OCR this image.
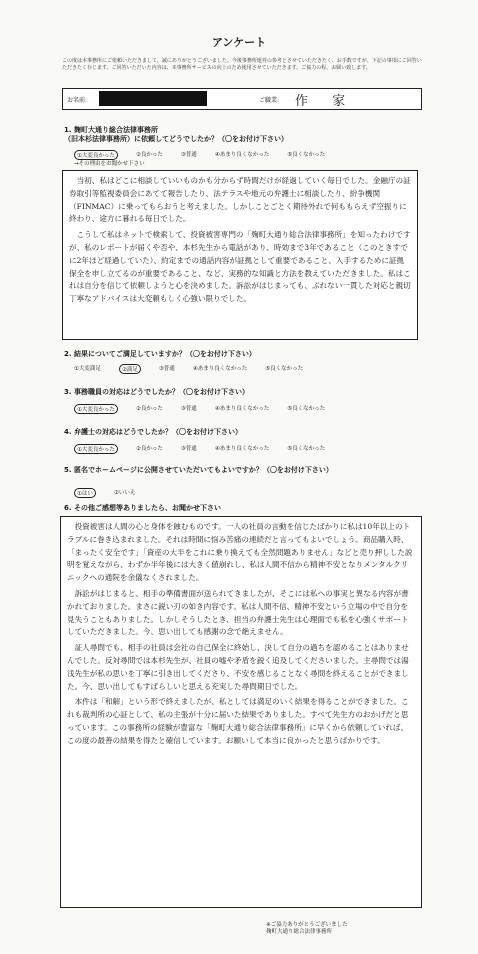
アンケート
この度は本事務所にご依頼いただきまして、誠にありがとうございました。今後事務所運営の参考とさせていただきたく、お手数ですが、下記の事項にご回答いただきたく存じます。ご回答いただいた内容は、本事務所サービスの向上のため使用させていただきます。ご協力の程、お願い致します。
お名前:	ご職業: 作 家
1. 麹町大通り総合法律事務所
（旧本杉法律事務所）に依頼してどうでしたか？（〇をお付け下さい）
①大変良かった	②良かった	③普通	④あまり良くなかった	⑤良くなかった
→その理由をお聞かせ下さい

当初、私はどこに相談していいものかも分からず時間だけが経過していく毎日でした。金融庁の証券取引等監視委員会にあてて報告したり、法テラスや地元の弁護士に相談したり、紛争機関（FINMAC）に乗ってもらおうと考えました。しかしことごとく期待外れで何ももらえず空振りに終わり、途方に暮れる毎日でした。

こうして私はネットで検索して、投資被害専門の「麹町大通り総合法律事務所」を知ったわけですが、私のレポートが届くや否や、本杉先生から電話があり、時効まで3年であること（このときすでに2年ほど経過していた）、約定までの通話内容が証拠として重要であること、入手するために証拠保全を申し立てるのが重要であること、など、実務的な知識と方法を教えていただきました。私はこれは自分を信じて依頼しようと心を決めました。訴訟がはじまっても、ぶれない一貫した対応と親切丁寧なアドバイスは大変頼もしく心強い限りでした。

2. 結果についてご満足していますか？（〇をお付け下さい）
①大変満足	②満足	③普通	④あまり良くなかった	⑤良くなかった
3. 事務職員の対応はどうでしたか？（〇をお付け下さい）
①大変良かった	②良かった	③普通	④あまり良くなかった	⑤良くなかった
4. 弁護士の対応はどうでしたか？（〇をお付け下さい）
①大変良かった	②良かった	③普通	④あまり良くなかった	⑤良くなかった
5. 匿名でホームページに公開させていただいてもよいですか？（〇をお付け下さい）
①はい	②いいえ
6. その他ご感想等ありましたら、お聞かせ下さい

投資被害は人間の心と身体を蝕むものです。一人の社員の言動を信じたばかりに私は10年以上のトラブルに巻き込まれました。それは時間に悩み苦痛の連続だと言ってもよいでしょう。商品購入時、「まったく安全です」「資産の大半をこれに乗り換えても全然問題ありません」などと売り押しした説明を覚えながら、わずか半年後には大きく値崩れし、私は人間不信から精神不安となりメンタルクリニックへの通院を余儀なくされました。

訴訟がはじまると、相手の準備書面が送られてきましたが、そこには私への事実と異なる内容が書かれておりました。まさに鋭い刃の如き内容です。私は人間不信、精神不安という立場の中で自分を見失うこともありました。しかしそうしたとき、担当の弁護士先生は心理面でも私を心強くサポートしていただきました。今、思い出しても感謝の念で絶えません。

証人尋問でも、相手の社員は会社の自己保全に終始し、決して自分の過ちを認めることはありませんでした。反対尋問では本杉先生が、社員の嘘や矛盾を鋭く追及してくださいました。主尋問では湯浅先生が私の思いを丁寧に引き出してくださり、不安を感じることなく尋問を終えることができました。今、思い出してもすばらしいと思える充実した尋問期日でした。

本件は「和解」という形で終えましたが、私としては満足のいく結果を得ることができました。これも裁判所の心証として、私の主張が十分に届いた結果でありました。すべて先生方のおかげだと思っています。この事務所の経験が豊富な「麹町大通り総合法律事務所」に早くから依頼していれば、この度の最善の結果を得たと確信しています。お願いして本当に良かったと思うばかりです。

※ご協力ありがとうございました
麹町大通り総合法律事務所
